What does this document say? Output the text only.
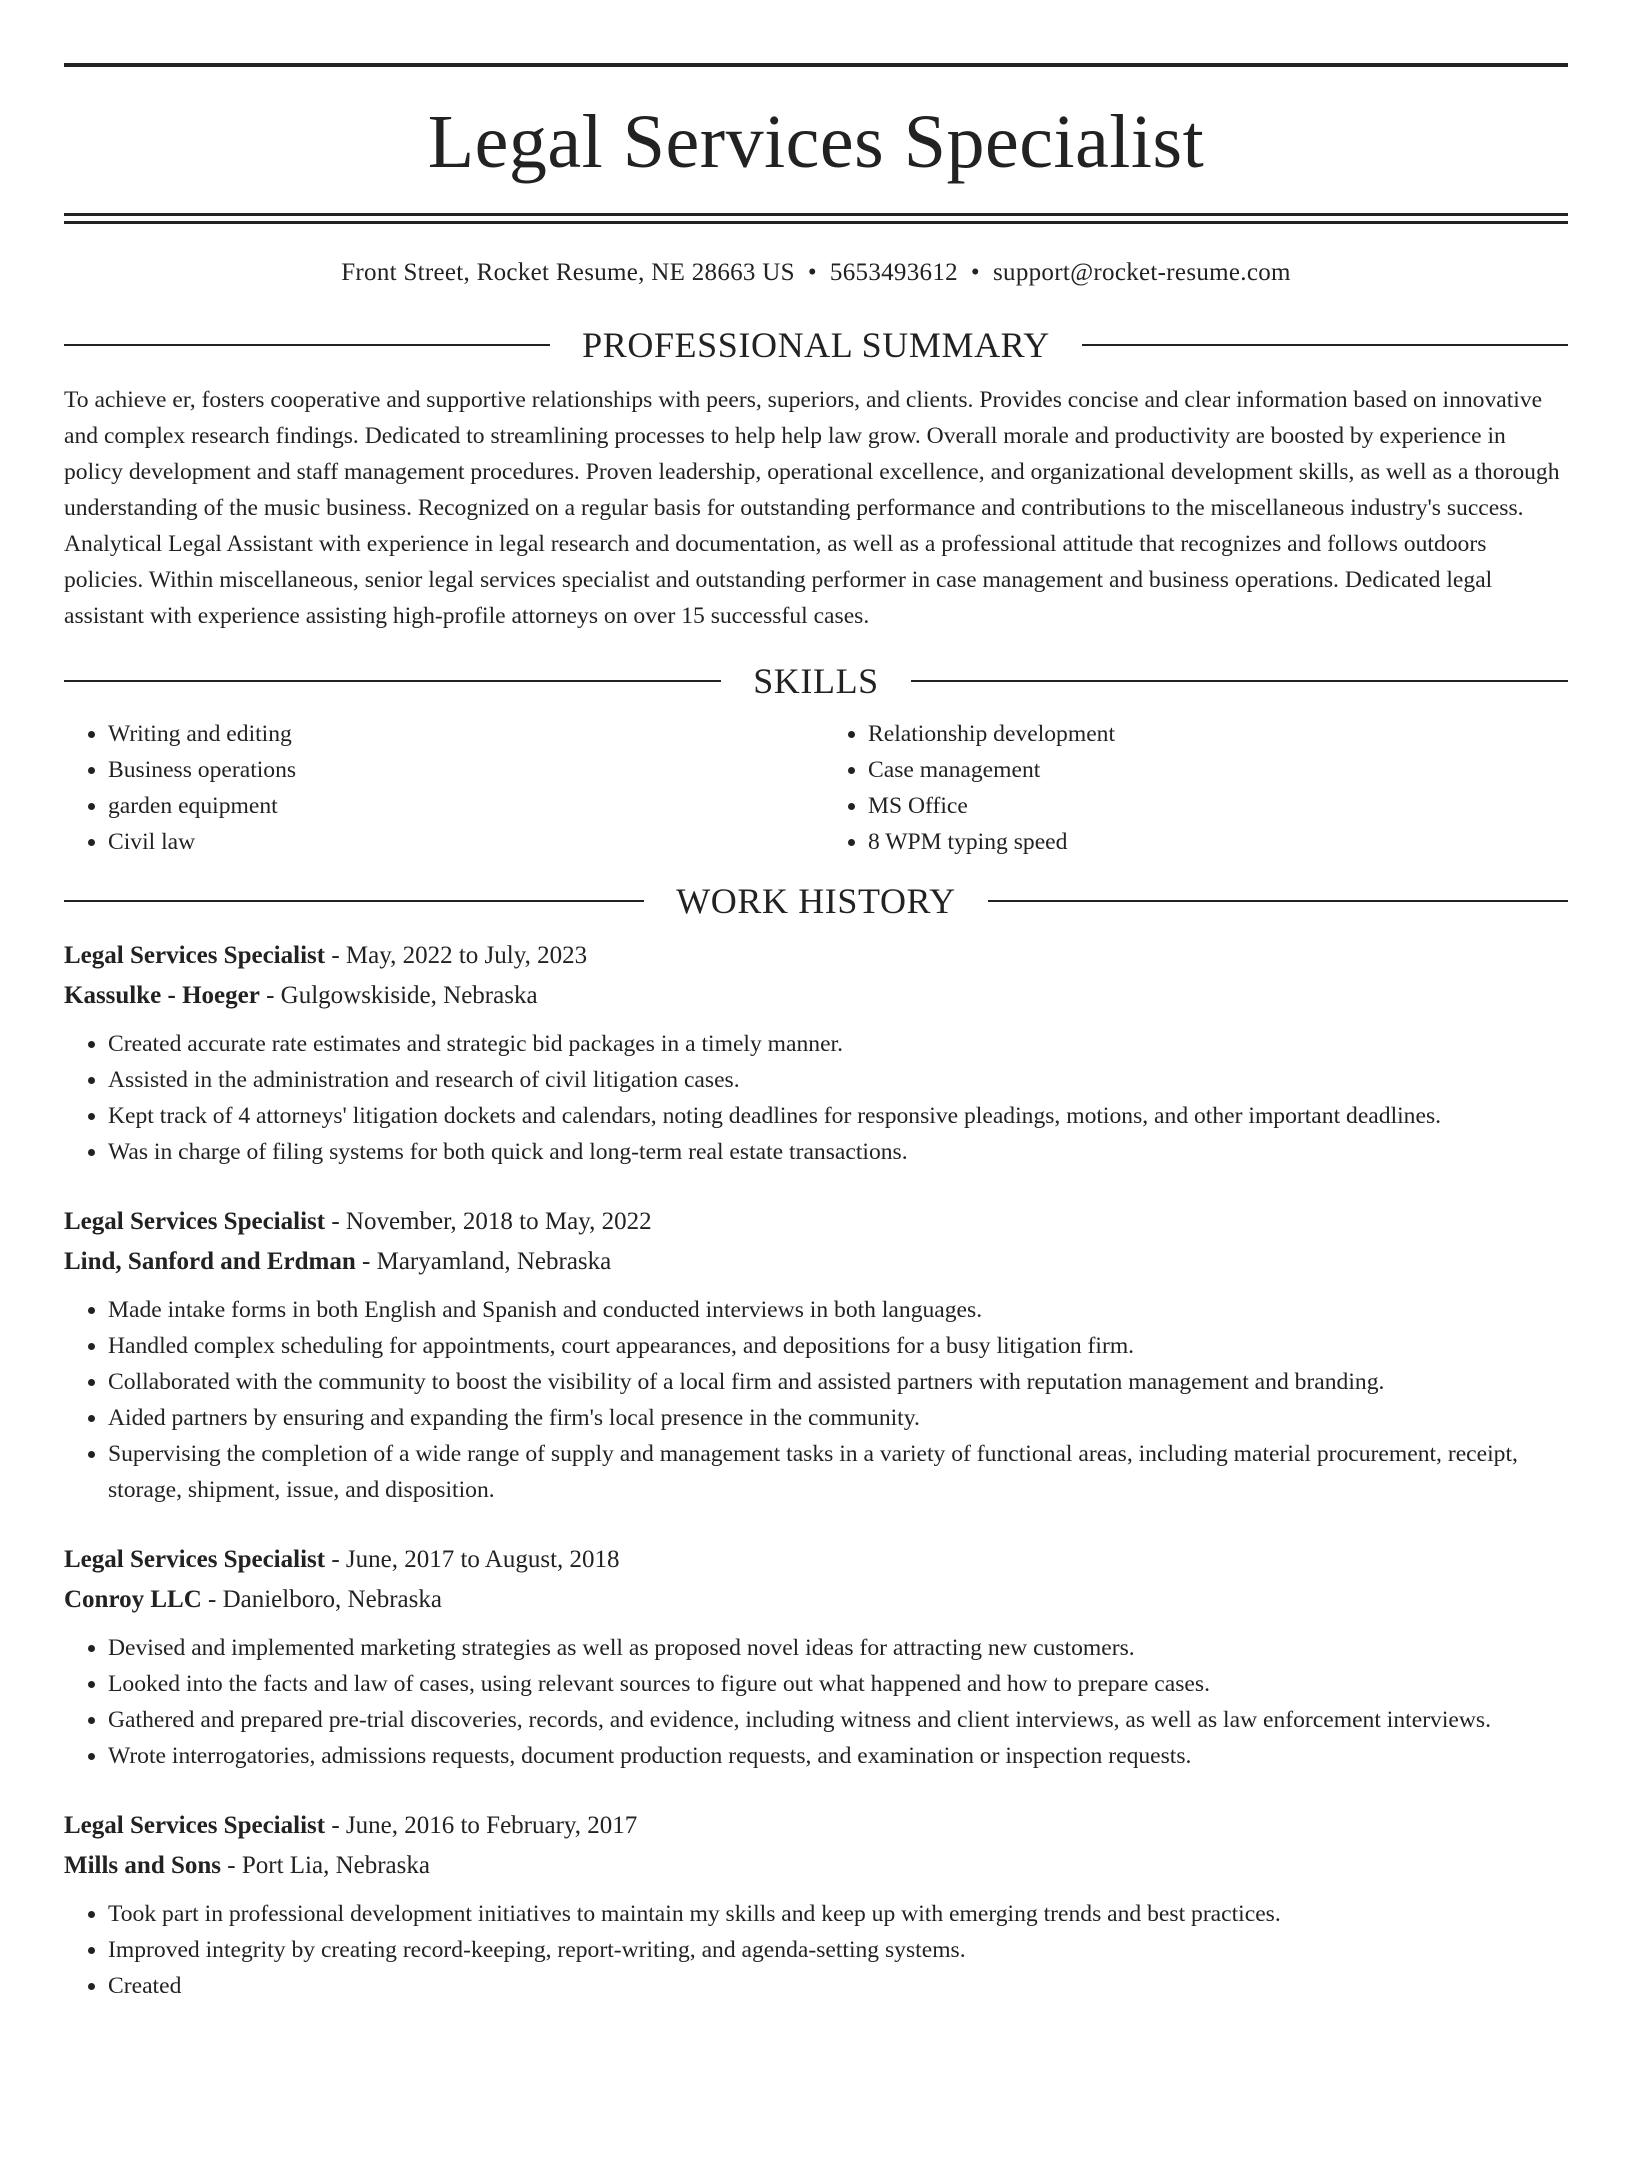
Legal Services Specialist
Front Street, Rocket Resume, NE 28663 US • 5653493612 • support@rocket-resume.com
PROFESSIONAL SUMMARY

To achieve er, fosters cooperative and supportive relationships with peers, superiors, and clients. Provides concise and clear information based on innovative and complex research findings. Dedicated to streamlining processes to help help law grow. Overall morale and productivity are boosted by experience in policy development and staff management procedures. Proven leadership, operational excellence, and organizational development skills, as well as a thorough understanding of the music business. Recognized on a regular basis for outstanding performance and contributions to the miscellaneous industry's success. Analytical Legal Assistant with experience in legal research and documentation, as well as a professional attitude that recognizes and follows outdoors policies. Within miscellaneous, senior legal services specialist and outstanding performer in case management and business operations. Dedicated legal assistant with experience assisting high-profile attorneys on over 15 successful cases.

SKILLS
• Writing and editing
• Business operations
• garden equipment
• Civil law
• Relationship development
• Case management
• MS Office
• 8 WPM typing speed
WORK HISTORY
Legal Services Specialist - May, 2022 to July, 2023
Kassulke - Hoeger - Gulgowskiside, Nebraska
• Created accurate rate estimates and strategic bid packages in a timely manner.
• Assisted in the administration and research of civil litigation cases.
• Kept track of 4 attorneys' litigation dockets and calendars, noting deadlines for responsive pleadings, motions, and other important deadlines.
• Was in charge of filing systems for both quick and long-term real estate transactions.
Legal Services Specialist - November, 2018 to May, 2022
Lind, Sanford and Erdman - Maryamland, Nebraska
• Made intake forms in both English and Spanish and conducted interviews in both languages.
• Handled complex scheduling for appointments, court appearances, and depositions for a busy litigation firm.
• Collaborated with the community to boost the visibility of a local firm and assisted partners with reputation management and branding.
• Aided partners by ensuring and expanding the firm's local presence in the community.
• Supervising the completion of a wide range of supply and management tasks in a variety of functional areas, including material procurement, receipt, storage, shipment, issue, and disposition.
Legal Services Specialist - June, 2017 to August, 2018
Conroy LLC - Danielboro, Nebraska
• Devised and implemented marketing strategies as well as proposed novel ideas for attracting new customers.
• Looked into the facts and law of cases, using relevant sources to figure out what happened and how to prepare cases.
• Gathered and prepared pre-trial discoveries, records, and evidence, including witness and client interviews, as well as law enforcement interviews.
• Wrote interrogatories, admissions requests, document production requests, and examination or inspection requests.
Legal Services Specialist - June, 2016 to February, 2017
Mills and Sons - Port Lia, Nebraska
• Took part in professional development initiatives to maintain my skills and keep up with emerging trends and best practices.
• Improved integrity by creating record-keeping, report-writing, and agenda-setting systems.
• Created
